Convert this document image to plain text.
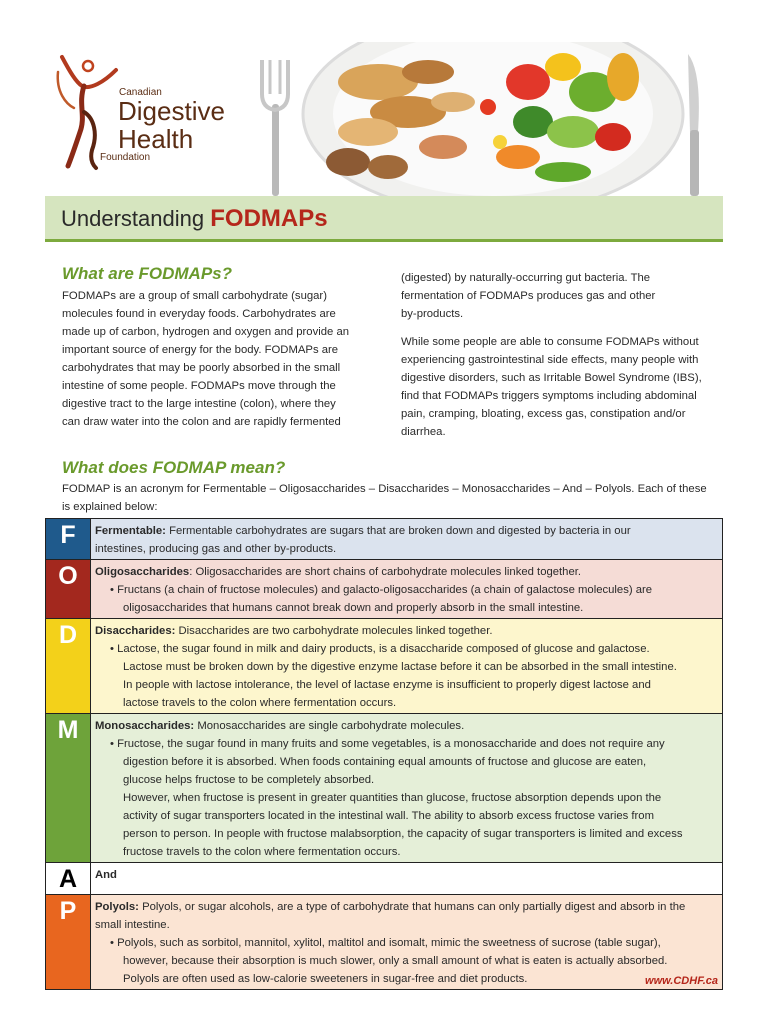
Canadian
Digestive
Health
Foundation
Understanding FODMAPs
What are FODMAPs?
FODMAPs are a group of small carbohydrate (sugar)
molecules found in everyday foods. Carbohydrates are
made up of carbon, hydrogen and oxygen and provide an
important source of energy for the body. FODMAPs are
carbohydrates that may be poorly absorbed in the small
intestine of some people. FODMAPs move through the
digestive tract to the large intestine (colon), where they
can draw water into the colon and are rapidly fermented
(digested) by naturally-occurring gut bacteria. The
fermentation of FODMAPs produces gas and other
by-products.
While some people are able to consume FODMAPs without
experiencing gastrointestinal side effects, many people with
digestive disorders, such as Irritable Bowel Syndrome (IBS),
find that FODMAPs triggers symptoms including abdominal
pain, cramping, bloating, excess gas, constipation and/or
diarrhea.
What does FODMAP mean?
FODMAP is an acronym for Fermentable – Oligosaccharides – Disaccharides – Monosaccharides – And – Polyols. Each of these
is explained below:
F	Fermentable: Fermentable carbohydrates are sugars that are broken down and digested by bacteria in our
intestines, producing gas and other by-products.
O	Oligosaccharides: Oligosaccharides are short chains of carbohydrate molecules linked together.
• Fructans (a chain of fructose molecules) and galacto-oligosaccharides (a chain of galactose molecules) are
oligosaccharides that humans cannot break down and properly absorb in the small intestine.
D	Disaccharides: Disaccharides are two carbohydrate molecules linked together.
• Lactose, the sugar found in milk and dairy products, is a disaccharide composed of glucose and galactose.
Lactose must be broken down by the digestive enzyme lactase before it can be absorbed in the small intestine.
In people with lactose intolerance, the level of lactase enzyme is insufficient to properly digest lactose and
lactose travels to the colon where fermentation occurs.
M	Monosaccharides: Monosaccharides are single carbohydrate molecules.
• Fructose, the sugar found in many fruits and some vegetables, is a monosaccharide and does not require any
digestion before it is absorbed. When foods containing equal amounts of fructose and glucose are eaten,
glucose helps fructose to be completely absorbed.
However, when fructose is present in greater quantities than glucose, fructose absorption depends upon the
activity of sugar transporters located in the intestinal wall. The ability to absorb excess fructose varies from
person to person. In people with fructose malabsorption, the capacity of sugar transporters is limited and excess
fructose travels to the colon where fermentation occurs.
A	And
P	Polyols: Polyols, or sugar alcohols, are a type of carbohydrate that humans can only partially digest and absorb in the
small intestine.
• Polyols, such as sorbitol, mannitol, xylitol, maltitol and isomalt, mimic the sweetness of sucrose (table sugar),
however, because their absorption is much slower, only a small amount of what is eaten is actually absorbed.
Polyols are often used as low-calorie sweeteners in sugar-free and diet products.	www.CDHF.ca
